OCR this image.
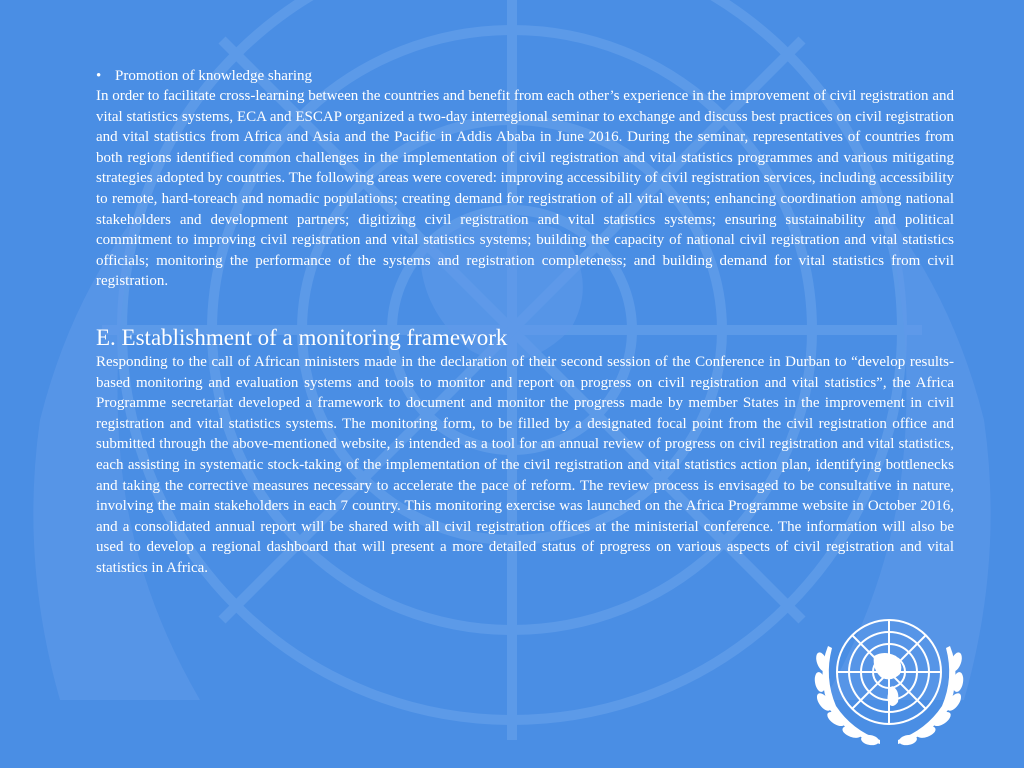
• Promotion of knowledge sharing

In order to facilitate cross-learning between the countries and benefit from each other’s experience in the improvement of civil registration and vital statistics systems, ECA and ESCAP organized a two-day interregional seminar to exchange and discuss best practices on civil registration and vital statistics from Africa and Asia and the Pacific in Addis Ababa in June 2016. During the seminar, representatives of countries from both regions identified common challenges in the implementation of civil registration and vital statistics programmes and various mitigating strategies adopted by countries. The following areas were covered: improving accessibility of civil registration services, including accessibility to remote, hard-toreach and nomadic populations; creating demand for registration of all vital events; enhancing coordination among national stakeholders and development partners; digitizing civil registration and vital statistics systems; ensuring sustainability and political commitment to improving civil registration and vital statistics systems; building the capacity of national civil registration and vital statistics officials; monitoring the performance of the systems and registration completeness; and building demand for vital statistics from civil registration.

E. Establishment of a monitoring framework

Responding to the call of African ministers made in the declaration of their second session of the Conference in Durban to “develop results-based monitoring and evaluation systems and tools to monitor and report on progress on civil registration and vital statistics”, the Africa Programme secretariat developed a framework to document and monitor the progress made by member States in the improvement in civil registration and vital statistics systems. The monitoring form, to be filled by a designated focal point from the civil registration office and submitted through the above-mentioned website, is intended as a tool for an annual review of progress on civil registration and vital statistics, each assisting in systematic stock-taking of the implementation of the civil registration and vital statistics action plan, identifying bottlenecks and taking the corrective measures necessary to accelerate the pace of reform. The review process is envisaged to be consultative in nature, involving the main stakeholders in each 7 country. This monitoring exercise was launched on the Africa Programme website in October 2016, and a consolidated annual report will be shared with all civil registration offices at the ministerial conference. The information will also be used to develop a regional dashboard that will present a more detailed status of progress on various aspects of civil registration and vital statistics in Africa.
